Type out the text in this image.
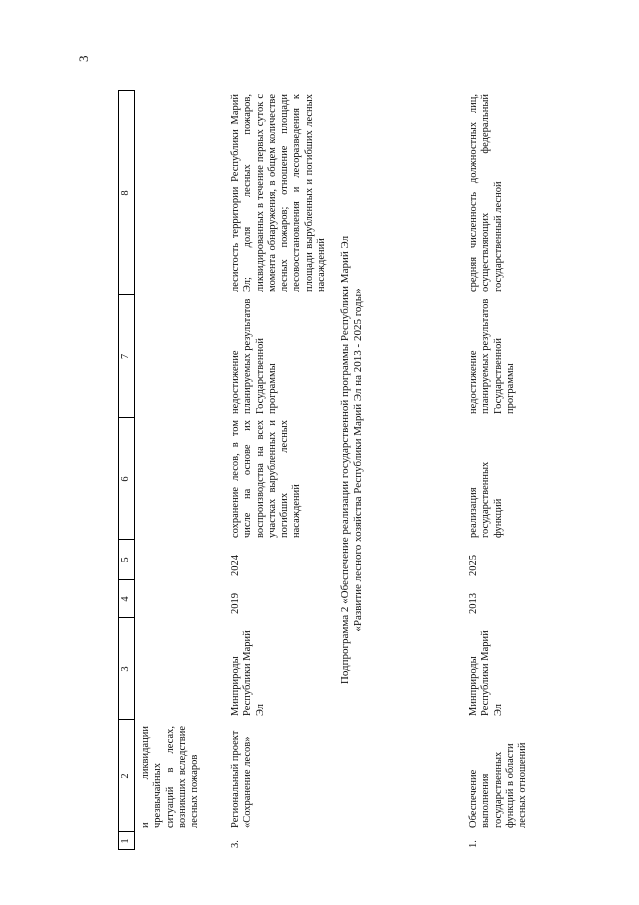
3
1
2
3
4
5
6
7
8
и ликвидации чрезвычайных ситуаций в лесах, возникших вследствие лесных пожаров
3.
Региональный проект «Сохранение лесов»
Минприроды Республики Марий Эл
2019
2024
сохранение лесов, в том числе на основе их воспроизводства на всех участках вырубленных и погибших лесных насаждений
недостижение планируемых результатов Государственной программы
лесистость территории Республики Марий Эл; доля лесных пожаров, ликвидированных в течение первых суток с момента обнаружения, в общем количестве лесных пожаров; отношение площади лесовосстановления и лесоразведения к площади вырубленных и погибших лесных насаждений Подпрограмма 2 «Обеспечение реализации государственной программы Республики Марий Эл «Развитие лесного хозяйства Республики Марий Эл на 2013 - 2025 годы»
1.
Обеспечение выполнения государственных функций в области лесных отношений
Минприроды Республики Марий Эл
2013
2025
реализация государственных функций
недостижение планируемых результатов Государственной программы
средняя численность должностных лиц, осуществляющих федеральный государственный лесной
